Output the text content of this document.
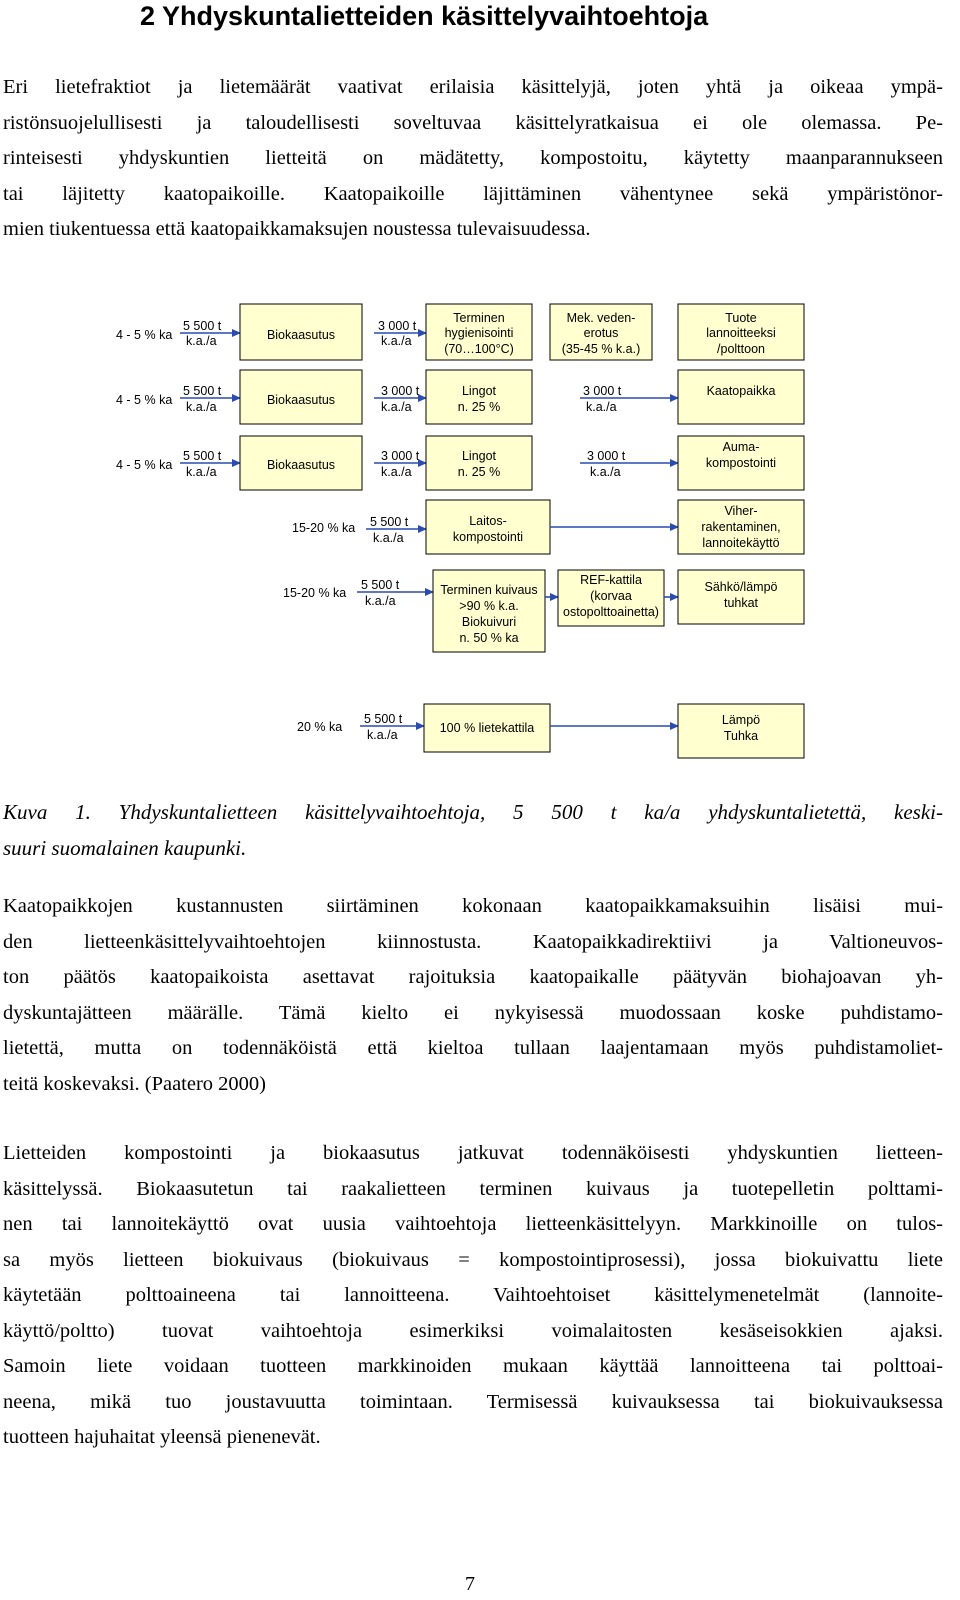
2 Yhdyskuntalietteiden käsittelyvaihtoehtoja

Eri lietefraktiot ja lietemäärät vaativat erilaisia käsittelyjä, joten yhtä ja oikeaa ympä-
ristönsuojelullisesti ja taloudellisesti soveltuvaa käsittelyratkaisua ei ole olemassa. Pe-
rinteisesti yhdyskuntien lietteitä on mädätetty, kompostoitu, käytetty maanparannukseen
tai läjitetty kaatopaikoille. Kaatopaikoille läjittäminen vähentynee sekä ympäristönor-
mien tiukentuessa että kaatopaikkamaksujen noustessa tulevaisuudessa.

4 - 5 % ka
5 500 t
k.a./a	Biokaasutus
3 000 t
k.a./a
Terminen
hygienisointi
(70…100°C)
Mek. veden-
erotus
(35-45 % k.a.)
Tuote
lannoitteeksi
/polttoon
4 - 5 % ka
5 500 t
k.a./a	Biokaasutus
3 000 t
k.a./a
Lingot
n. 25 %
3 000 t
k.a./a
Kaatopaikka
4 - 5 % ka
5 500 t
k.a./a	Biokaasutus
3 000 t
k.a./a
Lingot
n. 25 %
3 000 t
k.a./a
Auma-
kompostointi
15-20 % ka 5 500 t
k.a./a
Laitos-
kompostointi
Viher-
rakentaminen,
lannoitekäyttö
15-20 % ka
5 500 t
k.a./a
Terminen kuivaus
>90 % k.a.
Biokuivuri
n. 50 % ka
REF-kattila
(korvaa
ostopolttoainetta)
Sähkö/lämpö
tuhkat
20 % ka
5 500 t
k.a./a	100 % lietekattila
Lämpö
Tuhka

Kuva 1. Yhdyskuntalietteen käsittelyvaihtoehtoja, 5 500 t ka/a yhdyskuntalietettä, keski-
suuri suomalainen kaupunki.

Kaatopaikkojen kustannusten siirtäminen kokonaan kaatopaikkamaksuihin lisäisi mui-
den lietteenkäsittelyvaihtoehtojen kiinnostusta. Kaatopaikkadirektiivi ja Valtioneuvos-
ton päätös kaatopaikoista asettavat rajoituksia kaatopaikalle päätyvän biohajoavan yh-
dyskuntajätteen määrälle. Tämä kielto ei nykyisessä muodossaan koske puhdistamo-
lietettä, mutta on todennäköistä että kieltoa tullaan laajentamaan myös puhdistamoliet-
teitä koskevaksi. (Paatero 2000)

Lietteiden kompostointi ja biokaasutus jatkuvat todennäköisesti yhdyskuntien lietteen-
käsittelyssä. Biokaasutetun tai raakalietteen terminen kuivaus ja tuotepelletin polttami-
nen tai lannoitekäyttö ovat uusia vaihtoehtoja lietteenkäsittelyyn. Markkinoille on tulos-
sa myös lietteen biokuivaus (biokuivaus = kompostointiprosessi), jossa biokuivattu liete
käytetään polttoaineena tai lannoitteena. Vaihtoehtoiset käsittelymenetelmät (lannoite-
käyttö/poltto) tuovat vaihtoehtoja esimerkiksi voimalaitosten kesäseisokkien ajaksi.
Samoin liete voidaan tuotteen markkinoiden mukaan käyttää lannoitteena tai polttoai-
neena, mikä tuo joustavuutta toimintaan. Termisessä kuivauksessa tai biokuivauksessa
tuotteen hajuhaitat yleensä pienenevät.

7
